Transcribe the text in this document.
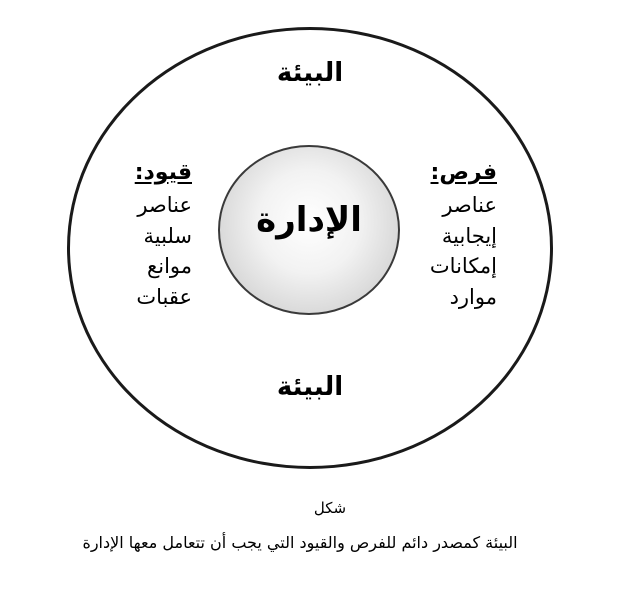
البيئة
البيئة
الإدارة
فرص:
عناصر
إيجابية
إمكانات
موارد
قيود:
عناصر
سلبية
موانع
عقبات
شكل
البيئة كمصدر دائم للفرص والقيود التي يجب أن تتعامل معها الإدارة
